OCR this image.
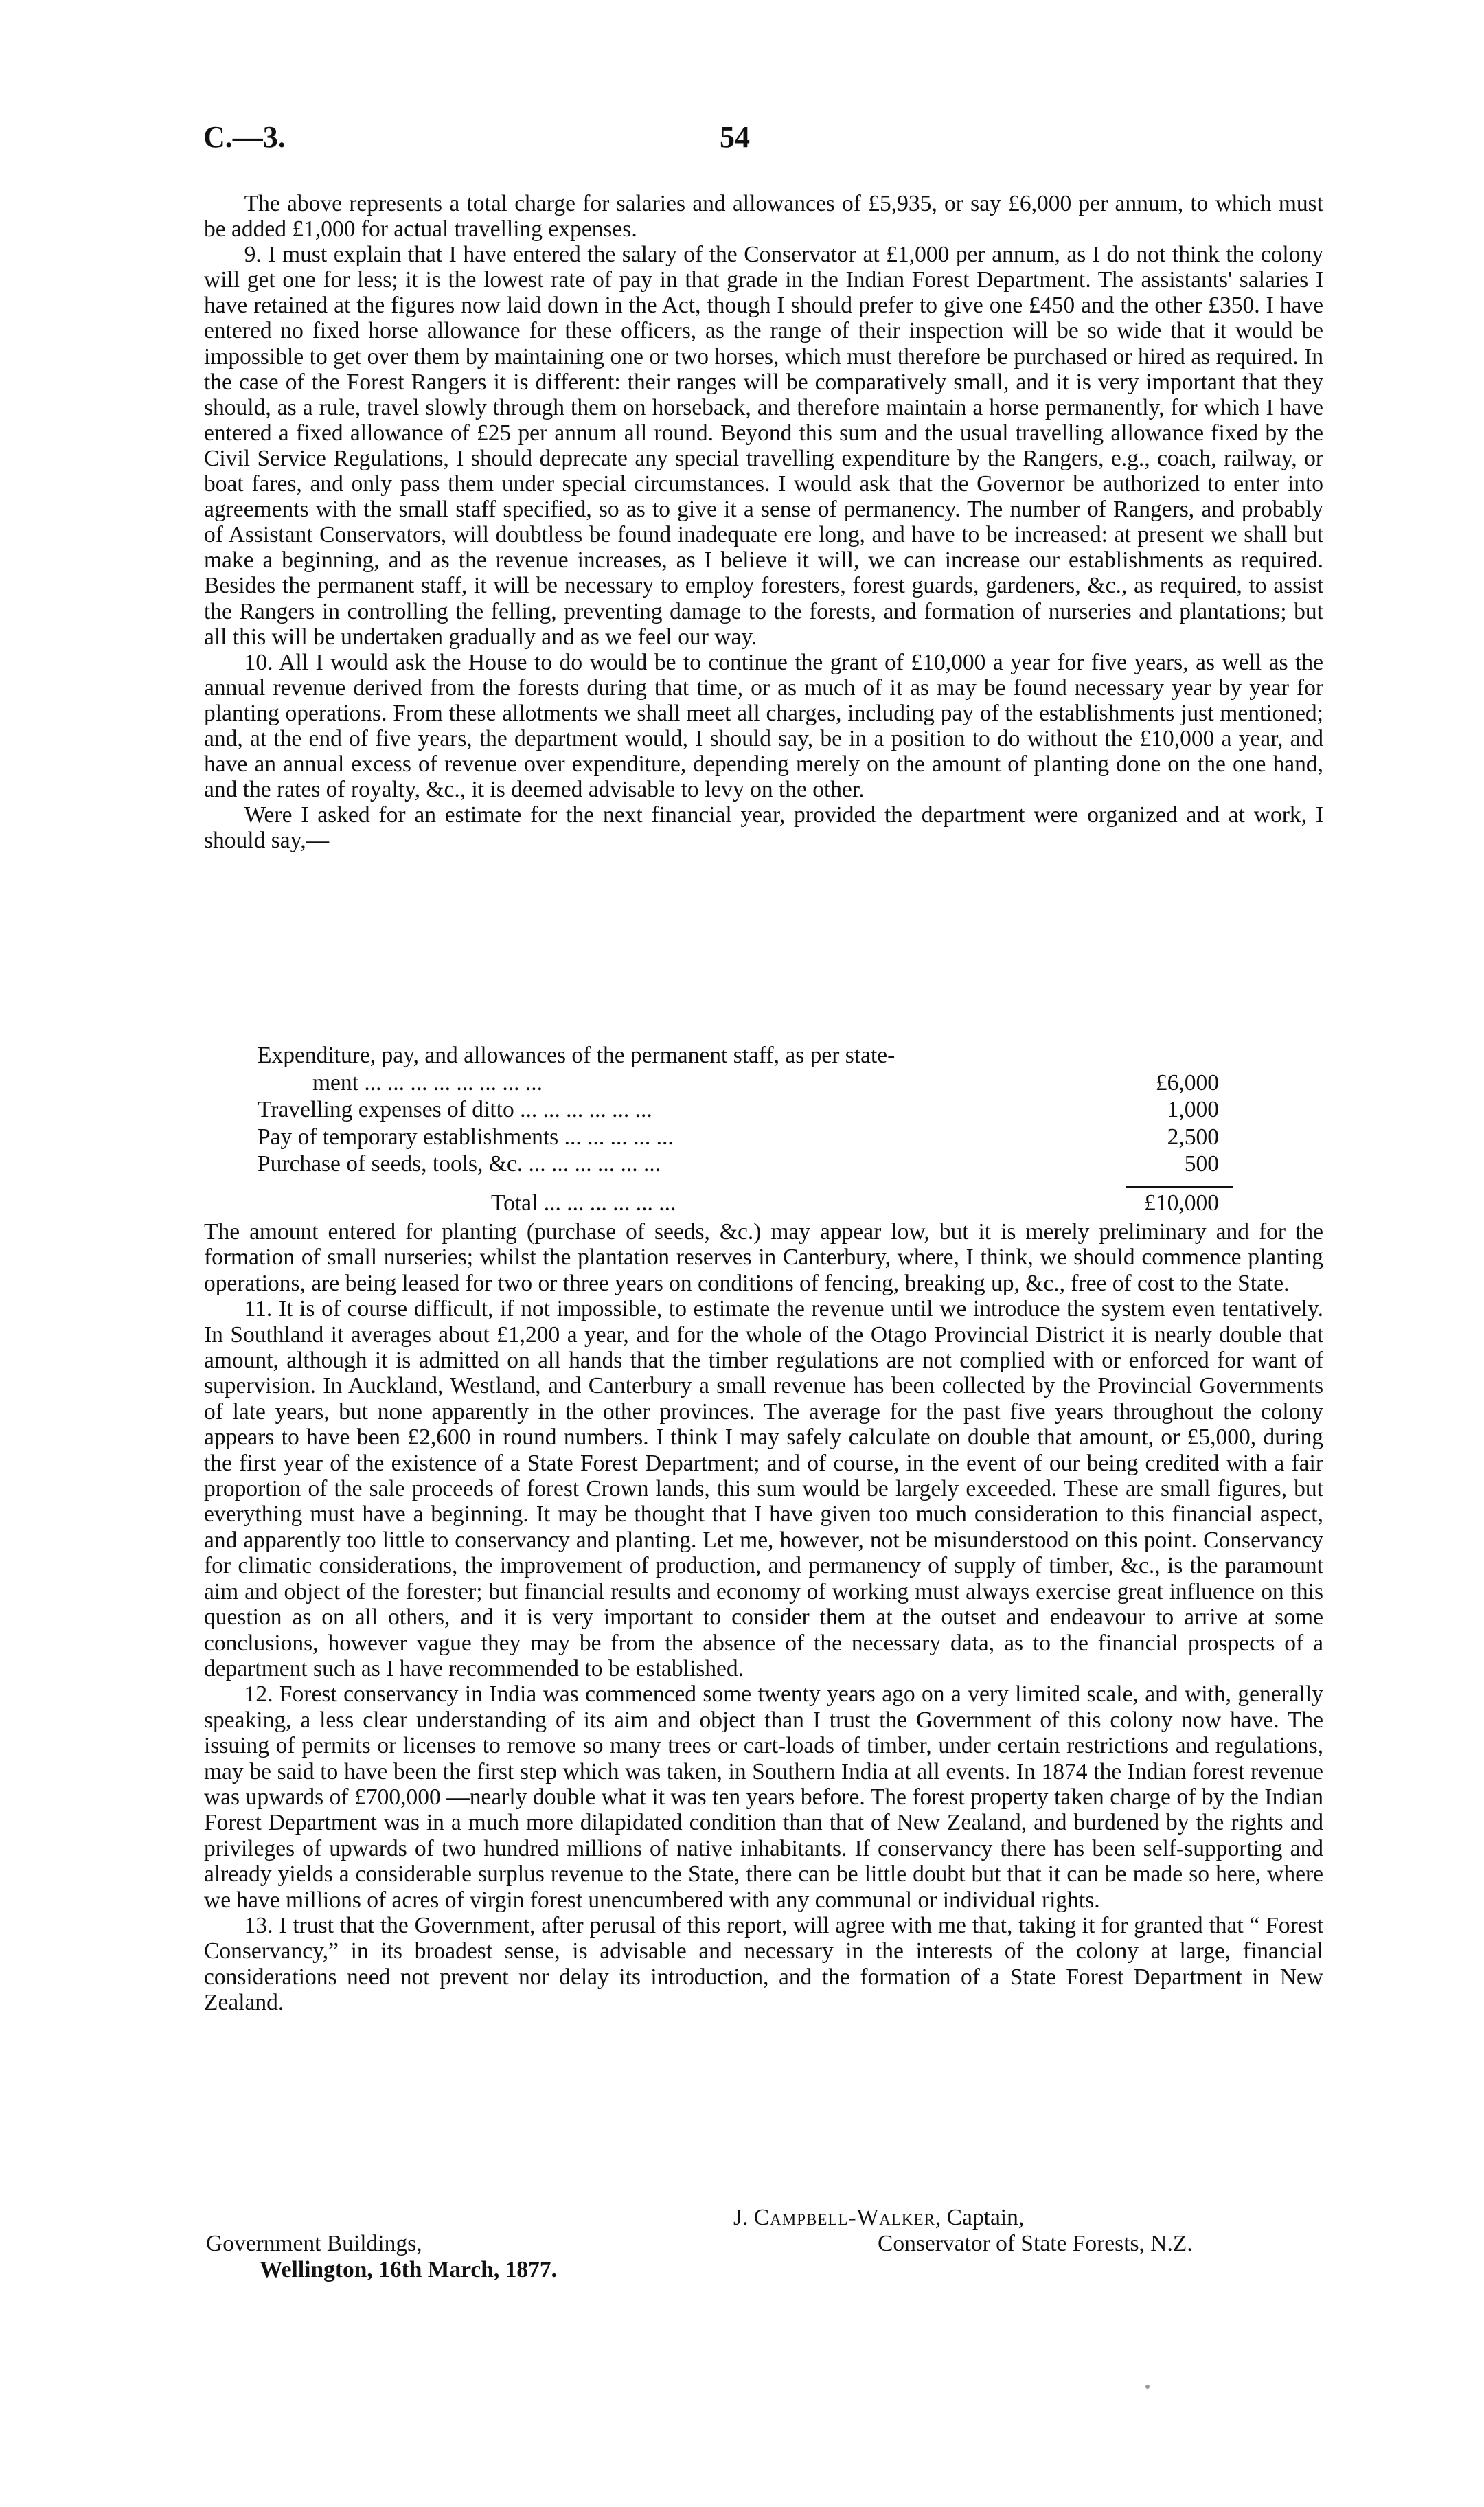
C.—3.	54

The above represents a total charge for salaries and allowances of £5,935, or say £6,000 per annum, to which must be added £1,000 for actual travelling expenses.

9. I must explain that I have entered the salary of the Conservator at £1,000 per annum, as I do not think the colony will get one for less; it is the lowest rate of pay in that grade in the Indian Forest Department. The assistants' salaries I have retained at the figures now laid down in the Act, though I should prefer to give one £450 and the other £350. I have entered no fixed horse allowance for these officers, as the range of their inspection will be so wide that it would be impossible to get over them by maintaining one or two horses, which must therefore be purchased or hired as required. In the case of the Forest Rangers it is different: their ranges will be comparatively small, and it is very important that they should, as a rule, travel slowly through them on horseback, and therefore maintain a horse permanently, for which I have entered a fixed allowance of £25 per annum all round. Beyond this sum and the usual travelling allowance fixed by the Civil Service Regulations, I should deprecate any special travelling expenditure by the Rangers, e.g., coach, railway, or boat fares, and only pass them under special circumstances. I would ask that the Governor be authorized to enter into agreements with the small staff specified, so as to give it a sense of permanency. The number of Rangers, and probably of Assistant Conservators, will doubtless be found inadequate ere long, and have to be increased: at present we shall but make a beginning, and as the revenue increases, as I believe it will, we can increase our establishments as required. Besides the permanent staff, it will be necessary to employ foresters, forest guards, gardeners, &c., as required, to assist the Rangers in controlling the felling, preventing damage to the forests, and formation of nurseries and plantations; but all this will be undertaken gradually and as we feel our way.

10. All I would ask the House to do would be to continue the grant of £10,000 a year for five years, as well as the annual revenue derived from the forests during that time, or as much of it as may be found necessary year by year for planting operations. From these allotments we shall meet all charges, including pay of the establishments just mentioned; and, at the end of five years, the department would, I should say, be in a position to do without the £10,000 a year, and have an annual excess of revenue over expenditure, depending merely on the amount of planting done on the one hand, and the rates of royalty, &c., it is deemed advisable to levy on the other.

Were I asked for an estimate for the next financial year, provided the department were organized and at work, I should say,—

Expenditure, pay, and allowances of the permanent staff, as per state-
ment ... ... ... ... ... ... ... ...	£6,000
Travelling expenses of ditto ... ... ... ... ... ...	1,000
Pay of temporary establishments ... ... ... ... ...	2,500
Purchase of seeds, tools, &c. ... ... ... ... ... ...	500
Total ... ... ... ... ... ...	£10,000

The amount entered for planting (purchase of seeds, &c.) may appear low, but it is merely preliminary and for the formation of small nurseries; whilst the plantation reserves in Canterbury, where, I think, we should commence planting operations, are being leased for two or three years on conditions of fencing, breaking up, &c., free of cost to the State.

11. It is of course difficult, if not impossible, to estimate the revenue until we introduce the system even tentatively. In Southland it averages about £1,200 a year, and for the whole of the Otago Provincial District it is nearly double that amount, although it is admitted on all hands that the timber regulations are not complied with or enforced for want of supervision. In Auckland, Westland, and Canterbury a small revenue has been collected by the Provincial Governments of late years, but none apparently in the other provinces. The average for the past five years throughout the colony appears to have been £2,600 in round numbers. I think I may safely calculate on double that amount, or £5,000, during the first year of the existence of a State Forest Department; and of course, in the event of our being credited with a fair proportion of the sale proceeds of forest Crown lands, this sum would be largely exceeded. These are small figures, but everything must have a beginning. It may be thought that I have given too much consideration to this financial aspect, and apparently too little to conservancy and planting. Let me, however, not be misunderstood on this point. Conservancy for climatic considerations, the improvement of production, and permanency of supply of timber, &c., is the paramount aim and object of the forester; but financial results and economy of working must always exercise great influence on this question as on all others, and it is very important to consider them at the outset and endeavour to arrive at some conclusions, however vague they may be from the absence of the necessary data, as to the financial prospects of a department such as I have recommended to be established.

12. Forest conservancy in India was commenced some twenty years ago on a very limited scale, and with, generally speaking, a less clear understanding of its aim and object than I trust the Government of this colony now have. The issuing of permits or licenses to remove so many trees or cart-loads of timber, under certain restrictions and regulations, may be said to have been the first step which was taken, in Southern India at all events. In 1874 the Indian forest revenue was upwards of £700,000 —nearly double what it was ten years before. The forest property taken charge of by the Indian Forest Department was in a much more dilapidated condition than that of New Zealand, and burdened by the rights and privileges of upwards of two hundred millions of native inhabitants. If conservancy there has been self-supporting and already yields a considerable surplus revenue to the State, there can be little doubt but that it can be made so here, where we have millions of acres of virgin forest unencumbered with any communal or individual rights.

13. I trust that the Government, after perusal of this report, will agree with me that, taking it for granted that “ Forest Conservancy,” in its broadest sense, is advisable and necessary in the interests of the colony at large, financial considerations need not prevent nor delay its introduction, and the formation of a State Forest Department in New Zealand.

J. Campbell-Walker, Captain,
Conservator of State Forests, N.Z.
Government Buildings,
Wellington, 16th March, 1877.
